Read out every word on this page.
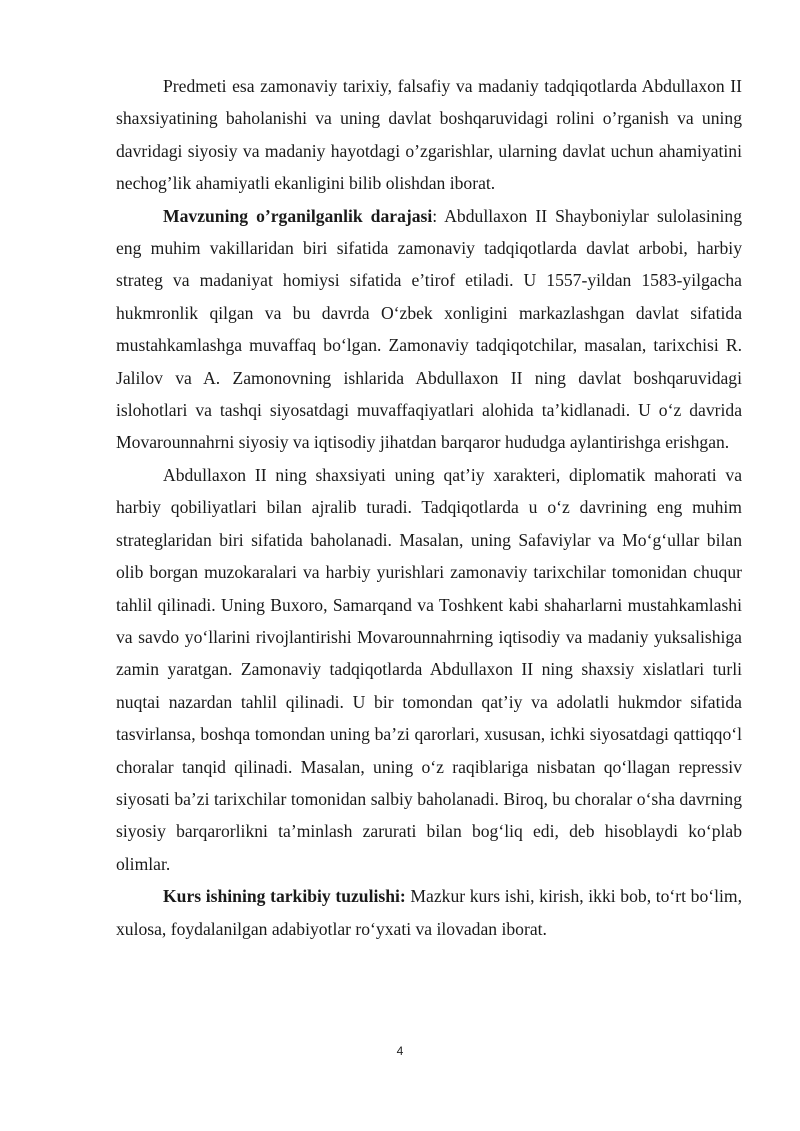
Predmeti esa zamonaviy tarixiy, falsafiy va madaniy tadqiqotlarda Abdullaxon II shaxsiyatining baholanishi va uning davlat boshqaruvidagi rolini o’rganish va uning davridagi siyosiy va madaniy hayotdagi o’zgarishlar, ularning davlat uchun ahamiyatini nechog’lik ahamiyatli ekanligini bilib olishdan iborat.

Mavzuning o’rganilganlik darajasi: Abdullaxon II Shayboniylar sulolasining eng muhim vakillaridan biri sifatida zamonaviy tadqiqotlarda davlat arbobi, harbiy strateg va madaniyat homiysi sifatida e’tirof etiladi. U 1557-yildan 1583-yilgacha hukmronlik qilgan va bu davrda O‘zbek xonligini markazlashgan davlat sifatida mustahkamlashga muvaffaq bo‘lgan. Zamonaviy tadqiqotchilar, masalan, tarixchisi R. Jalilov va A. Zamonovning ishlarida Abdullaxon II ning davlat boshqaruvidagi islohotlari va tashqi siyosatdagi muvaffaqiyatlari alohida ta’kidlanadi. U o‘z davrida Movarounnahrni siyosiy va iqtisodiy jihatdan barqaror hududga aylantirishga erishgan.

Abdullaxon II ning shaxsiyati uning qat’iy xarakteri, diplomatik mahorati va harbiy qobiliyatlari bilan ajralib turadi. Tadqiqotlarda u o‘z davrining eng muhim strateglaridan biri sifatida baholanadi. Masalan, uning Safaviylar va Mo‘g‘ullar bilan olib borgan muzokaralari va harbiy yurishlari zamonaviy tarixchilar tomonidan chuqur tahlil qilinadi. Uning Buxoro, Samarqand va Toshkent kabi shaharlarni mustahkamlashi va savdo yo‘llarini rivojlantirishi Movarounnahrning iqtisodiy va madaniy yuksalishiga zamin yaratgan. Zamonaviy tadqiqotlarda Abdullaxon II ning shaxsiy xislatlari turli nuqtai nazardan tahlil qilinadi. U bir tomondan qat’iy va adolatli hukmdor sifatida tasvirlansa, boshqa tomondan uning ba’zi qarorlari, xususan, ichki siyosatdagi qattiqqo‘l choralar tanqid qilinadi. Masalan, uning o‘z raqiblariga nisbatan qo‘llagan repressiv siyosati ba’zi tarixchilar tomonidan salbiy baholanadi. Biroq, bu choralar o‘sha davrning siyosiy barqarorlikni ta’minlash zarurati bilan bog‘liq edi, deb hisoblaydi ko‘plab olimlar.

Kurs ishining tarkibiy tuzulishi: Mazkur kurs ishi, kirish, ikki bob, to‘rt bo‘lim, xulosa, foydalanilgan adabiyotlar ro‘yxati va ilovadan iborat.

4
